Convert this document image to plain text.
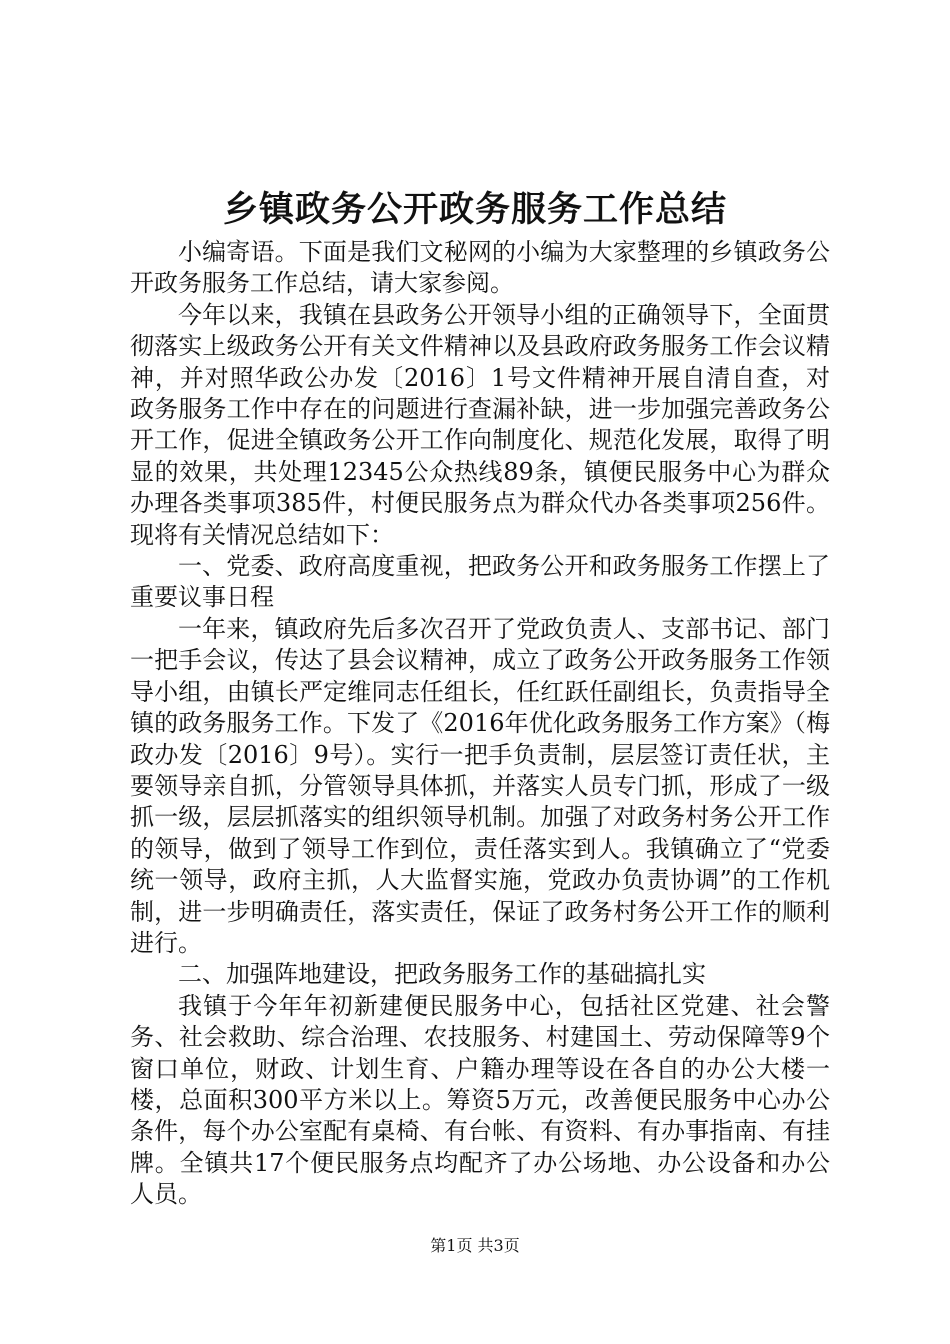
乡镇政务公开政务服务工作总结

小编寄语。下面是我们文秘网的小编为大家整理的乡镇政务公开政务服务工作总结，请大家参阅。

今年以来，我镇在县政务公开领导小组的正确领导下，全面贯彻落实上级政务公开有关文件精神以及县政府政务服务工作会议精神，并对照华政公办发〔2016〕1号文件精神开展自清自查，对政务服务工作中存在的问题进行查漏补缺，进一步加强完善政务公开工作，促进全镇政务公开工作向制度化、规范化发展，取得了明显的效果，共处理12345公众热线89条，镇便民服务中心为群众办理各类事项385件，村便民服务点为群众代办各类事项256件。现将有关情况总结如下：

一、党委、政府高度重视，把政务公开和政务服务工作摆上了重要议事日程

一年来，镇政府先后多次召开了党政负责人、支部书记、部门一把手会议，传达了县会议精神，成立了政务公开政务服务工作领导小组，由镇长严定维同志任组长，任红跃任副组长，负责指导全镇的政务服务工作。下发了《2016年优化政务服务工作方案》（梅政办发〔2016〕9号）。实行一把手负责制，层层签订责任状，主要领导亲自抓，分管领导具体抓，并落实人员专门抓，形成了一级抓一级，层层抓落实的组织领导机制。加强了对政务村务公开工作的领导，做到了领导工作到位，责任落实到人。我镇确立了“党委统一领导，政府主抓，人大监督实施，党政办负责协调”的工作机制，进一步明确责任，落实责任，保证了政务村务公开工作的顺利进行。

二、加强阵地建设，把政务服务工作的基础搞扎实

我镇于今年年初新建便民服务中心，包括社区党建、社会警务、社会救助、综合治理、农技服务、村建国土、劳动保障等9个窗口单位，财政、计划生育、户籍办理等设在各自的办公大楼一楼，总面积300平方米以上。筹资5万元，改善便民服务中心办公条件，每个办公室配有桌椅、有台帐、有资料、有办事指南、有挂牌。全镇共17个便民服务点均配齐了办公场地、办公设备和办公人员。

第1页 共3页
